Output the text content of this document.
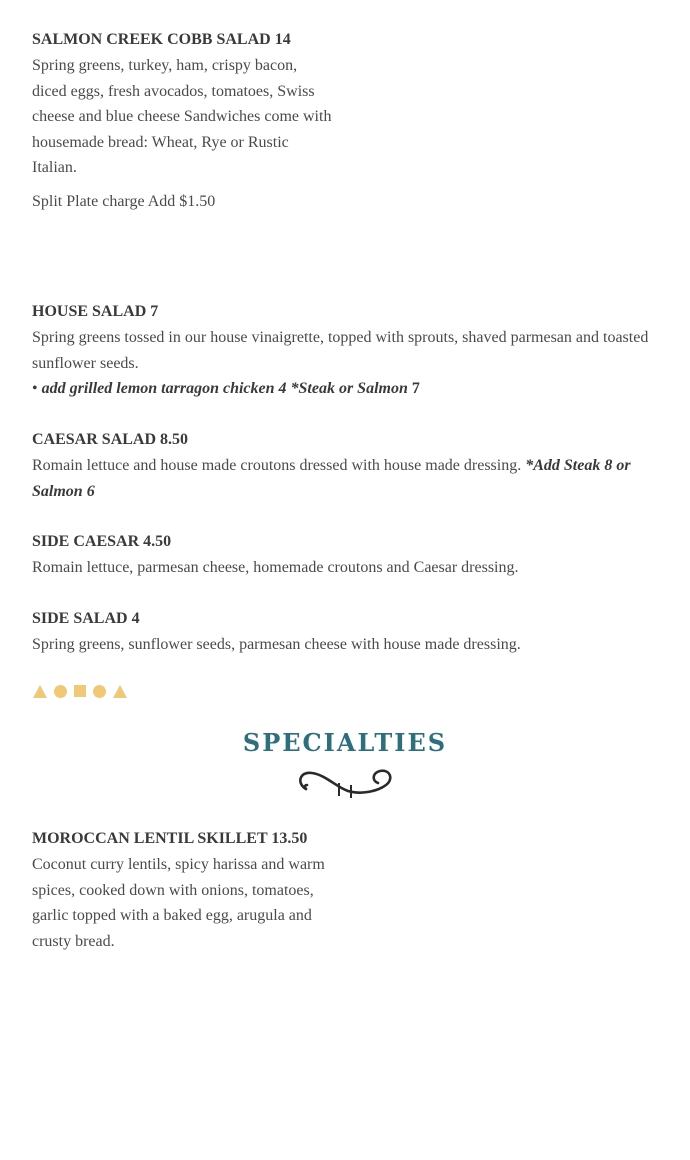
SALMON CREEK COBB SALAD 14
Spring greens, turkey, ham, crispy bacon,
diced eggs, fresh avocados, tomatoes, Swiss
cheese and blue cheese Sandwiches come with
housemade bread: Wheat, Rye or Rustic
Italian.
Split Plate charge Add $1.50
HOUSE SALAD 7
Spring greens tossed in our house vinaigrette, topped with sprouts, shaved parmesan and toasted sunflower seeds.
• add grilled lemon tarragon chicken 4 *Steak or Salmon 7
CAESAR SALAD 8.50
Romain lettuce and house made croutons dressed with house made dressing. *Add Steak 8 or Salmon 6
SIDE CAESAR 4.50
Romain lettuce, parmesan cheese, homemade croutons and Caesar dressing.
SIDE SALAD 4
Spring greens, sunflower seeds, parmesan cheese with house made dressing.
MOROCCAN LENTIL SKILLET 13.50
Coconut curry lentils, spicy harissa and warm
spices, cooked down with onions, tomatoes,
garlic topped with a baked egg, arugula and
crusty bread.
SPECIALTIES
